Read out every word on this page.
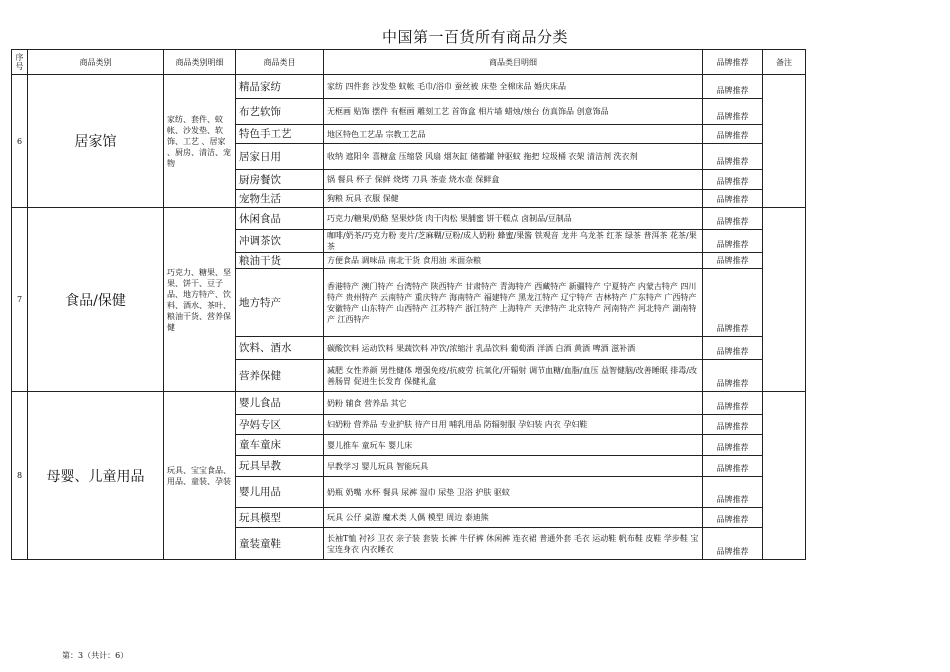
中国第一百货所有商品分类
序号	商品类别	商品类别明细	商品类目	商品类目明细	品牌推荐	备注
6	居家馆	家纺、套件、蚊帐、沙发垫、软饰、工艺 、居家 、厨房、清洁、宠物	精品家纺	家纺 四件套 沙发垫 蚊帐 毛巾/浴巾 蚕丝被 床垫 全棉床品 婚庆床品	品牌推荐	
			布艺软饰	无框画 贴饰 摆件 有框画 雕刻工艺 首饰盒 相片墙 蜡烛/烛台 仿真饰品 创意饰品	品牌推荐	
			特色手工艺	地区特色工艺品 宗教工艺品	品牌推荐	
			居家日用	收纳 遮阳伞 喜糖盒 压缩袋 风扇 烟灰缸 储蓄罐 钟驱蚊 拖把 垃圾桶 衣架 清洁剂 洗衣剂	品牌推荐	
			厨房餐饮	锅 餐具 杯子 保鲜 烧烤 刀具 茶壶 烧水壶 保鲜盒	品牌推荐	
			宠物生活	狗粮 玩具 衣服 保健	品牌推荐	
7	食品/保健	巧克力、糖果、坚果、饼干、豆子品、地方特产、饮料、酒水、茶叶、粮油干货、营养保健	休闲食品	巧克力/糖果/奶酪 坚果炒货 肉干肉松 果脯蜜 饼干糕点 卤制品/豆制品	品牌推荐	
			冲调茶饮	咖啡/奶茶/巧克力粉 麦片/芝麻糊/豆粉/成人奶粉 蜂蜜/果酱 铁观音 龙井 乌龙茶 红茶 绿茶 普洱茶 花茶/果茶	品牌推荐	
			粮油干货	方便食品 调味品 南北干货 食用油 米面杂粮	品牌推荐	
			地方特产	香港特产 澳门特产 台湾特产 陕西特产 甘肃特产 青海特产 西藏特产 新疆特产 宁夏特产 内蒙古特产 四川特产 贵州特产 云南特产 重庆特产 海南特产 福建特产 黑龙江特产 辽宁特产 吉林特产 广东特产 广西特产 安徽特产 山东特产 山西特产 江苏特产 浙江特产 上海特产 天津特产 北京特产 河南特产 河北特产 湖南特产 江西特产	品牌推荐	
			饮料、酒水	碳酸饮料 运动饮料 果蔬饮料 冲饮/浓缩汁 乳品饮料 葡萄酒 洋酒 白酒 黄酒 啤酒 滋补酒	品牌推荐	
			营养保健	减肥 女性养颜 男性健体 增强免疫/抗疲劳 抗氧化/开辐射 调节血糖/血脂/血压 益智健脑/改善睡眠 排毒/改善肠胃 促进生长发育 保健礼盒	品牌推荐	
8	母婴、儿童用品	玩具、宝宝食品、用品、童装、孕装	婴儿食品	奶粉 辅食 营养品 其它	品牌推荐	
			孕妈专区	妇奶粉 营养品 专业护肤 待产日用 哺乳用品 防辐射服 孕妇装 内衣 孕妇鞋	品牌推荐	
			童车童床	婴儿推车 童玩车 婴儿床	品牌推荐	
			玩具早教	早教学习 婴儿玩具 智能玩具	品牌推荐	
			婴儿用品	奶瓶 奶嘴 水杯 餐具 尿裤 湿巾 尿垫 卫浴 护肤 驱蚊	品牌推荐	
			玩具模型	玩具 公仔 桌游 魔术类 人偶 模型 周边 泰迪熊	品牌推荐	
			童装童鞋	长袖T恤 衬衫 卫衣 亲子装 套装 长裤 牛仔裤 休闲裤 连衣裙 普通外套 毛衣 运动鞋 帆布鞋 皮鞋 学步鞋 宝宝连身衣 内衣睡衣	品牌推荐	
第：3（共计：6）
